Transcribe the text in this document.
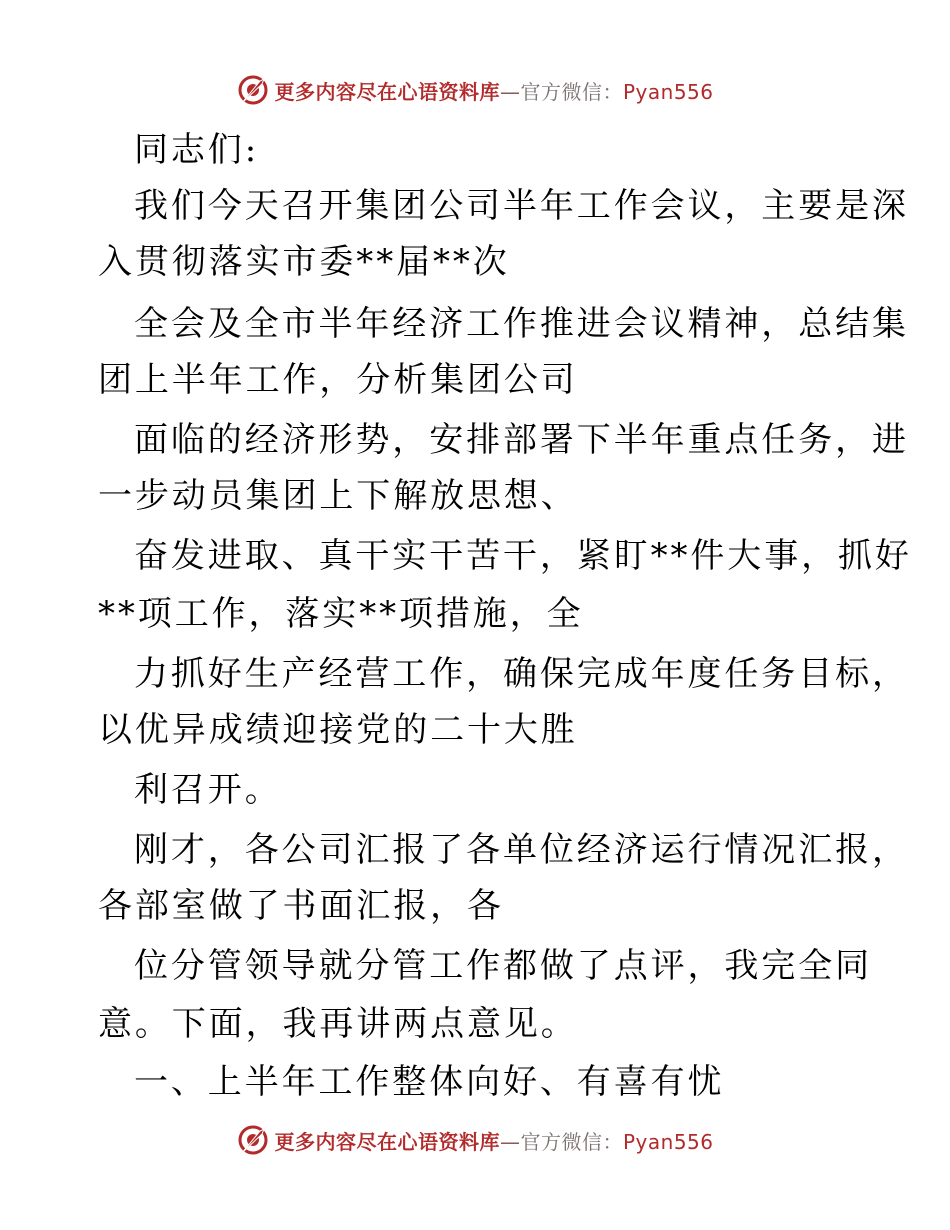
更多内容尽在心语资料库—官方微信：Pyan556
同志们:
我们今天召开集团公司半年工作会议，主要是深
入贯彻落实市委**届**次
全会及全市半年经济工作推进会议精神，总结集
团上半年工作，分析集团公司
面临的经济形势，安排部署下半年重点任务，进
一步动员集团上下解放思想、
奋发进取、真干实干苦干，紧盯**件大事，抓好
**项工作，落实**项措施，全
力抓好生产经营工作，确保完成年度任务目标，
以优异成绩迎接党的二十大胜
利召开。
刚才，各公司汇报了各单位经济运行情况汇报，
各部室做了书面汇报，各
位分管领导就分管工作都做了点评，我完全同
意。下面，我再讲两点意见。
一、上半年工作整体向好、有喜有忧
更多内容尽在心语资料库—官方微信：Pyan556
